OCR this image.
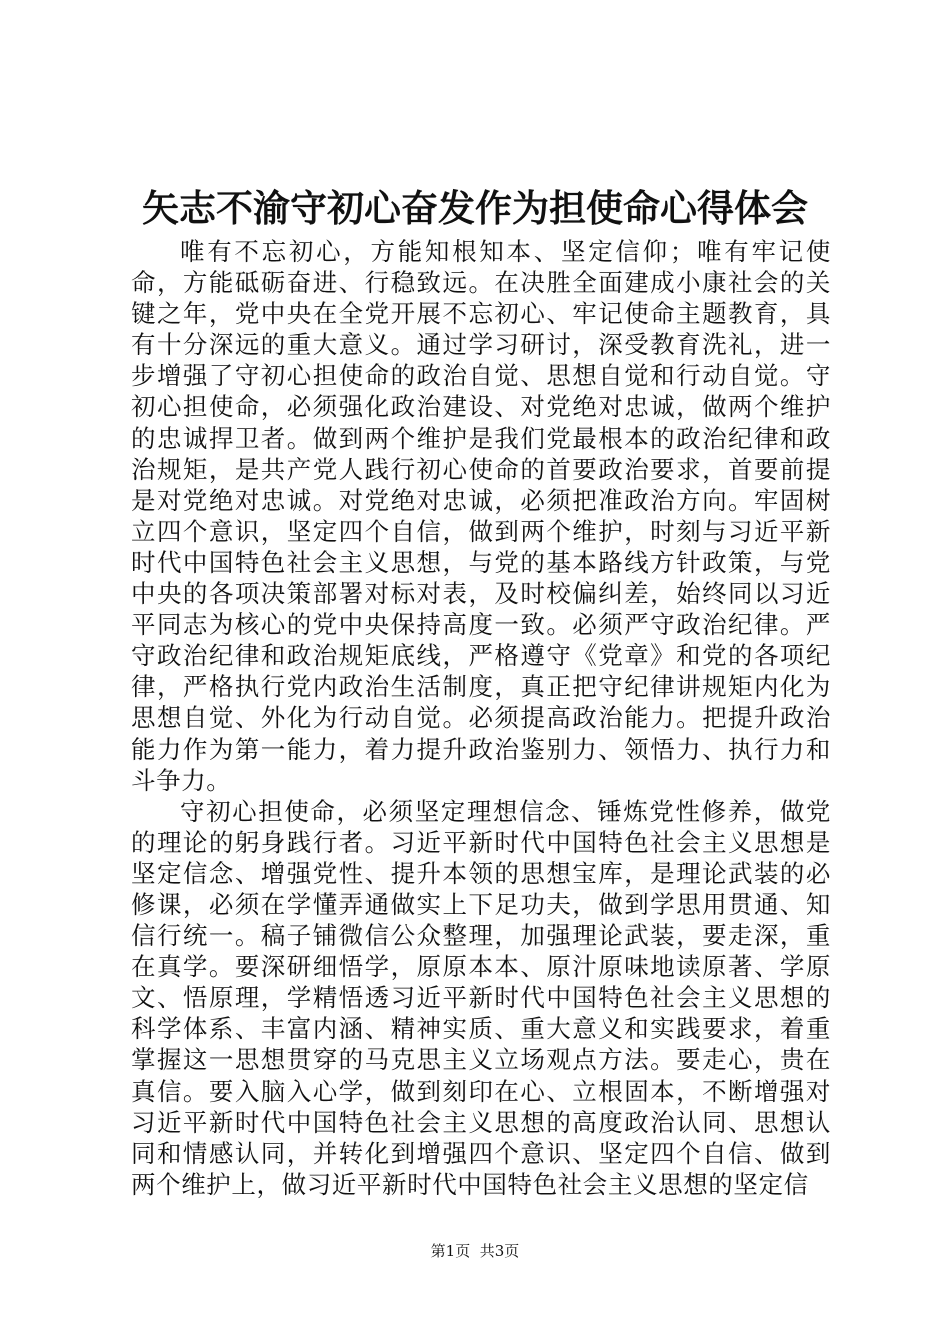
矢志不渝守初心奋发作为担使命心得体会

唯有不忘初心，方能知根知本、坚定信仰；唯有牢记使命，方能砥砺奋进、行稳致远。在决胜全面建成小康社会的关键之年，党中央在全党开展不忘初心、牢记使命主题教育，具有十分深远的重大意义。通过学习研讨，深受教育洗礼，进一步增强了守初心担使命的政治自觉、思想自觉和行动自觉。守初心担使命，必须强化政治建设、对党绝对忠诚，做两个维护的忠诚捍卫者。做到两个维护是我们党最根本的政治纪律和政治规矩，是共产党人践行初心使命的首要政治要求，首要前提是对党绝对忠诚。对党绝对忠诚，必须把准政治方向。牢固树立四个意识，坚定四个自信，做到两个维护，时刻与习近平新时代中国特色社会主义思想，与党的基本路线方针政策，与党中央的各项决策部署对标对表，及时校偏纠差，始终同以习近平同志为核心的党中央保持高度一致。必须严守政治纪律。严守政治纪律和政治规矩底线，严格遵守《党章》和党的各项纪律，严格执行党内政治生活制度，真正把守纪律讲规矩内化为思想自觉、外化为行动自觉。必须提高政治能力。把提升政治能力作为第一能力，着力提升政治鉴别力、领悟力、执行力和斗争力。

守初心担使命，必须坚定理想信念、锤炼党性修养，做党的理论的躬身践行者。习近平新时代中国特色社会主义思想是坚定信念、增强党性、提升本领的思想宝库，是理论武装的必修课，必须在学懂弄通做实上下足功夫，做到学思用贯通、知信行统一。稿子铺微信公众整理，加强理论武装，要走深，重在真学。要深研细悟学，原原本本、原汁原味地读原著、学原文、悟原理，学精悟透习近平新时代中国特色社会主义思想的科学体系、丰富内涵、精神实质、重大意义和实践要求，着重掌握这一思想贯穿的马克思主义立场观点方法。要走心，贵在真信。要入脑入心学，做到刻印在心、立根固本，不断增强对习近平新时代中国特色社会主义思想的高度政治认同、思想认同和情感认同，并转化到增强四个意识、坚定四个自信、做到两个维护上，做习近平新时代中国特色社会主义思想的坚定信

第1页 共3页
